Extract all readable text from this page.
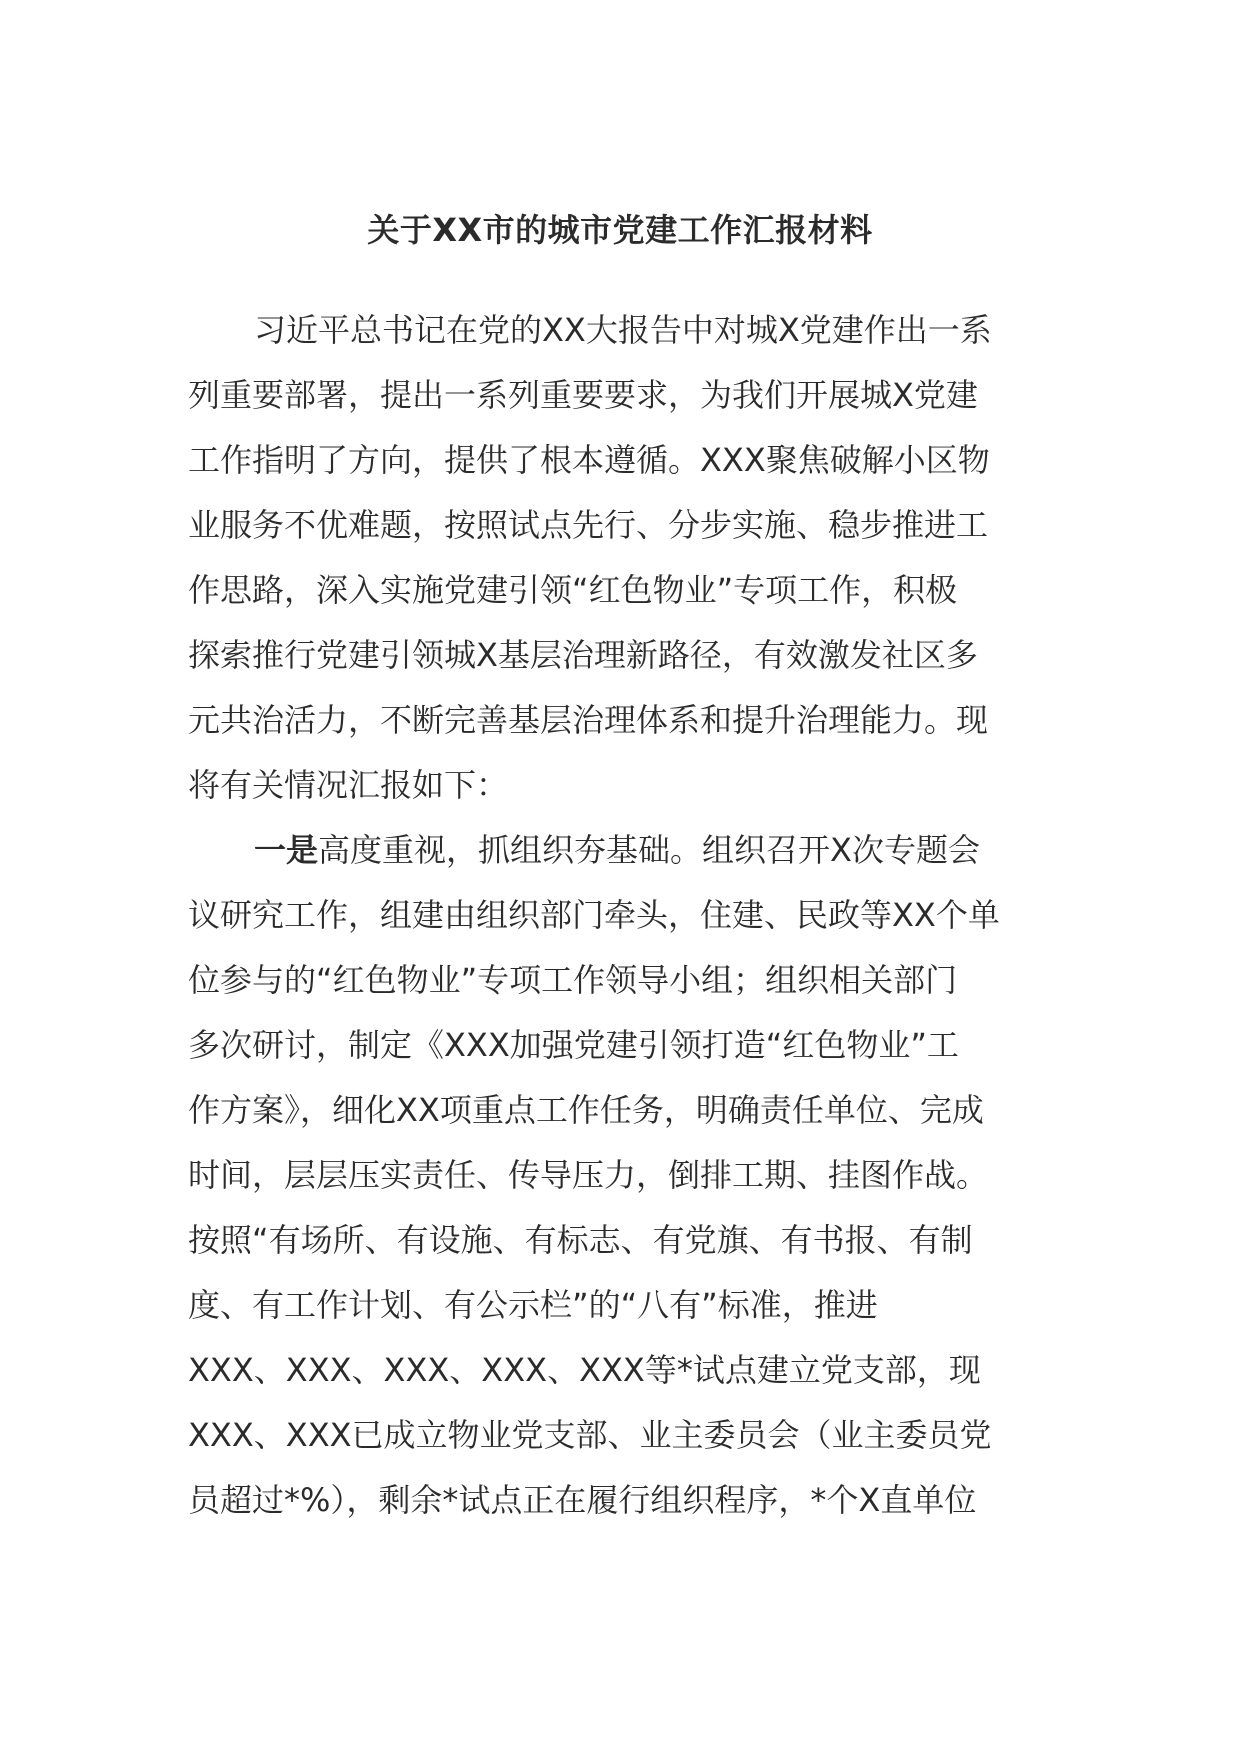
关于XX市的城市党建工作汇报材料
习近平总书记在党的XX大报告中对城X党建作出一系
列重要部署，提出一系列重要要求，为我们开展城X党建
工作指明了方向，提供了根本遵循。XXX聚焦破解小区物
业服务不优难题，按照试点先行、分步实施、稳步推进工
作思路，深入实施党建引领“红色物业”专项工作，积极
探索推行党建引领城X基层治理新路径，有效激发社区多
元共治活力，不断完善基层治理体系和提升治理能力。现
将有关情况汇报如下：
一是高度重视，抓组织夯基础。组织召开X次专题会
议研究工作，组建由组织部门牵头，住建、民政等XX个单
位参与的“红色物业”专项工作领导小组；组织相关部门
多次研讨，制定《XXX加强党建引领打造“红色物业”工
作方案》，细化XX项重点工作任务，明确责任单位、完成
时间，层层压实责任、传导压力，倒排工期、挂图作战。
按照“有场所、有设施、有标志、有党旗、有书报、有制
度、有工作计划、有公示栏”的“八有”标准，推进
XXX、XXX、XXX、XXX、XXX等*试点建立党支部，现
XXX、XXX已成立物业党支部、业主委员会（业主委员党
员超过*%），剩余*试点正在履行组织程序，*个X直单位
